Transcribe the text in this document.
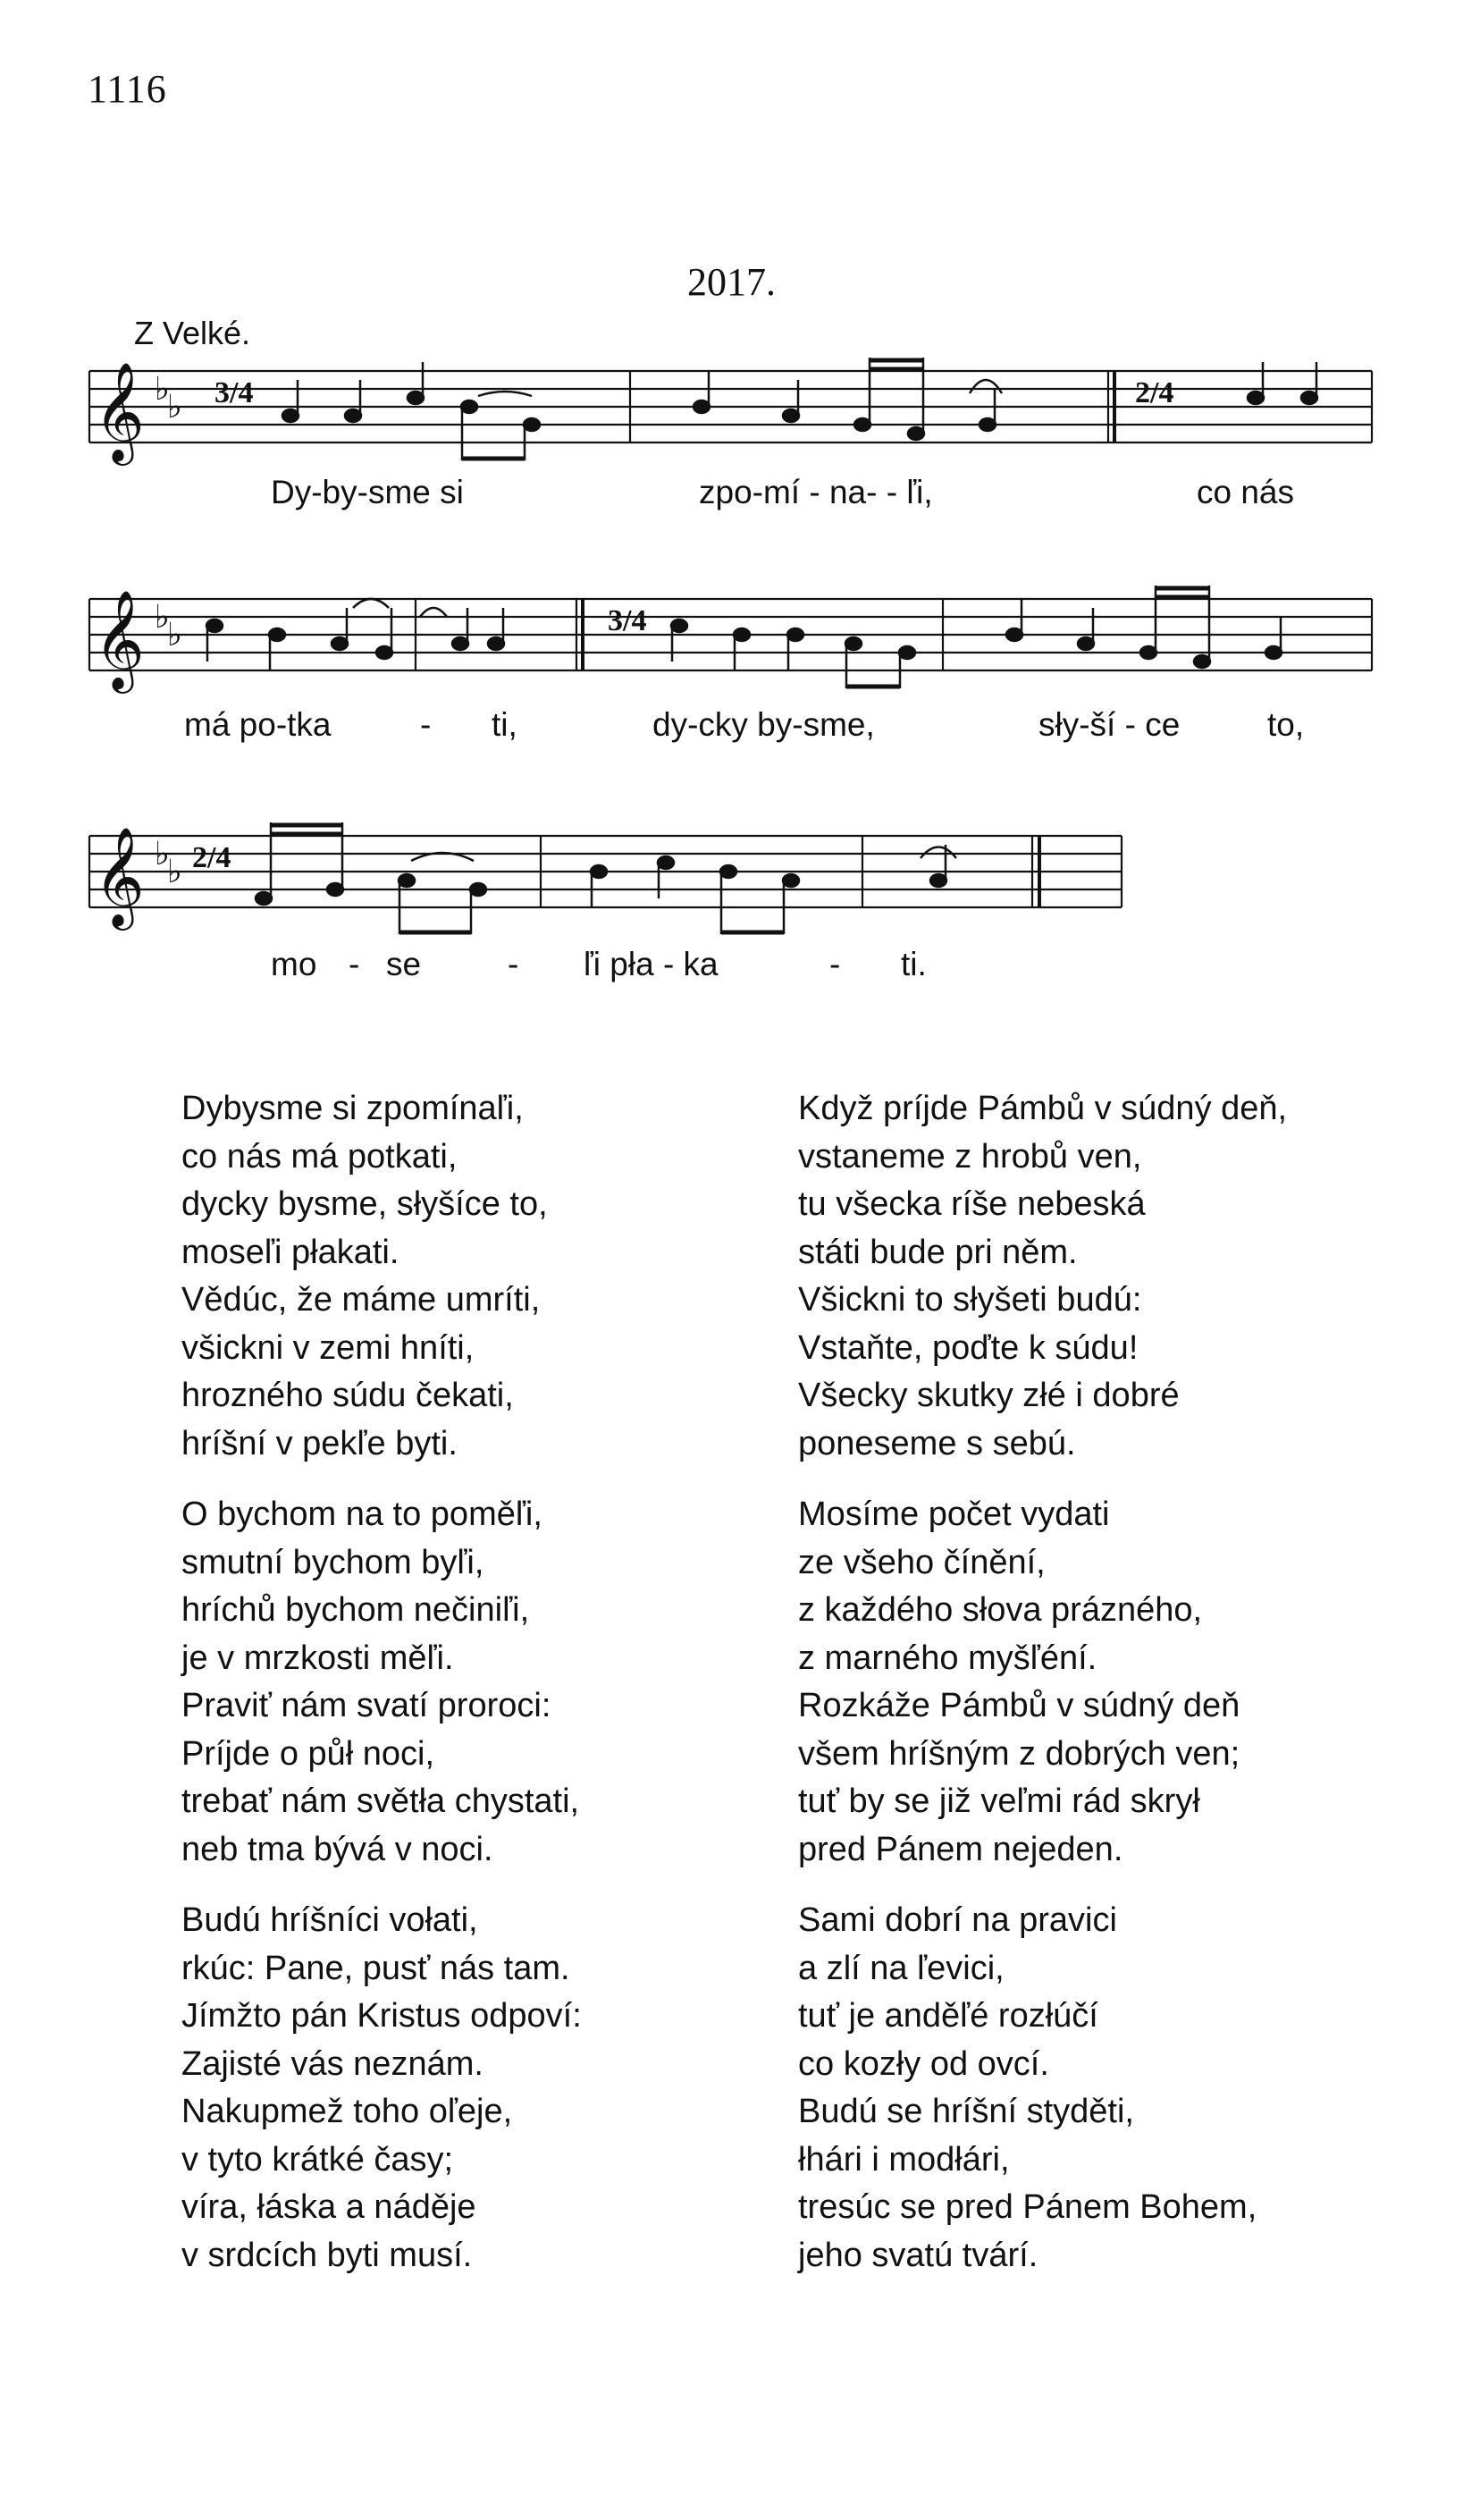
1116
2017.
Z Velké.
𝄞 ♭
♭ 3/4	2/4
Dy-by-sme si	zpo-mí - na- - ľi,	co nás
𝄞 ♭
♭	3/4
má po-tka	- ti,	dy-cky by-sme,	sły-ší - ce	to,
𝄞 ♭
♭ 2/4
mo - se	- ľi pła - ka	- ti.
Dybysme si zpomínaľi,
co nás má potkati,
dycky bysme, słyšíce to,
moseľi płakati.
Vědúc, že máme umríti,
všickni v zemi hníti,
hrozného súdu čekati,
hríšní v pekľe byti.
O bychom na to poměľi,
smutní bychom byľi,
hríchů bychom nečiniľi,
je v mrzkosti měľi.
Praviť nám svatí proroci:
Príjde o půł noci,
trebať nám světła chystati,
neb tma bývá v noci.
Budú hríšníci vołati,
rkúc: Pane, pusť nás tam.
Jímžto pán Kristus odpoví:
Zajisté vás neznám.
Nakupmež toho oľeje,
v tyto krátké časy;
víra, łáska a náděje
v srdcích byti musí.
Když príjde Pámbů v súdný deň,
vstaneme z hrobů ven,
tu všecka ríše nebeská
státi bude pri něm.
Všickni to słyšeti budú:
Vstaňte, poďte k súdu!
Všecky skutky złé i dobré
poneseme s sebú.
Mosíme počet vydati
ze všeho čínění,
z každého słova prázného,
z marného myšľéní.
Rozkáže Pámbů v súdný deň
všem hríšným z dobrých ven;
tuť by se již veľmi rád skrył
pred Pánem nejeden.
Sami dobrí na pravici
a zlí na ľevici,
tuť je anděľé rozłúčí
co kozły od ovcí.
Budú se hríšní styděti,
łhári i modłári,
tresúc se pred Pánem Bohem,
jeho svatú tvárí.
